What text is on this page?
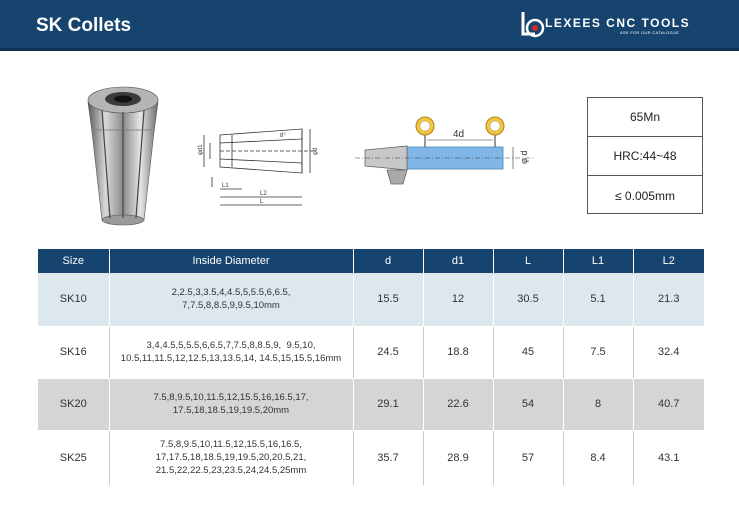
SK Collets	LEXEES CNC TOOLS
ASK FOR OUR CATALOGUE
φd1	φd
L1
L2
L
8°	4d
φ d
65Mn
HRC:44~48
≤ 0.005mm
Size	Inside Diameter	d	d1	L	L1	L2
SK10	2,2.5,3,3.5,4,4.5,5,5.5,6,6.5,
7,7.5,8,8.5,9,9.5,10mm	15.5	12	30.5	5.1	21.3
SK16	3,4,4.5,5,5.5,6,6.5,7,7.5,8,8.5,9,  9.5,10,
10.5,11,11.5,12,12.5,13,13.5,14, 14.5,15,15.5,16mm	24.5	18.8	45	7.5	32.4
SK20	7.5,8,9.5,10,11.5,12,15.5,16,16.5,17,
17.5,18,18.5,19,19.5,20mm	29.1	22.6	54	8	40.7
SK25	7.5,8,9.5,10,11.5,12,15.5,16,16.5,
17,17.5,18,18.5,19,19.5,20,20.5,21,
21.5,22,22.5,23,23.5,24,24.5,25mm	35.7	28.9	57	8.4	43.1
